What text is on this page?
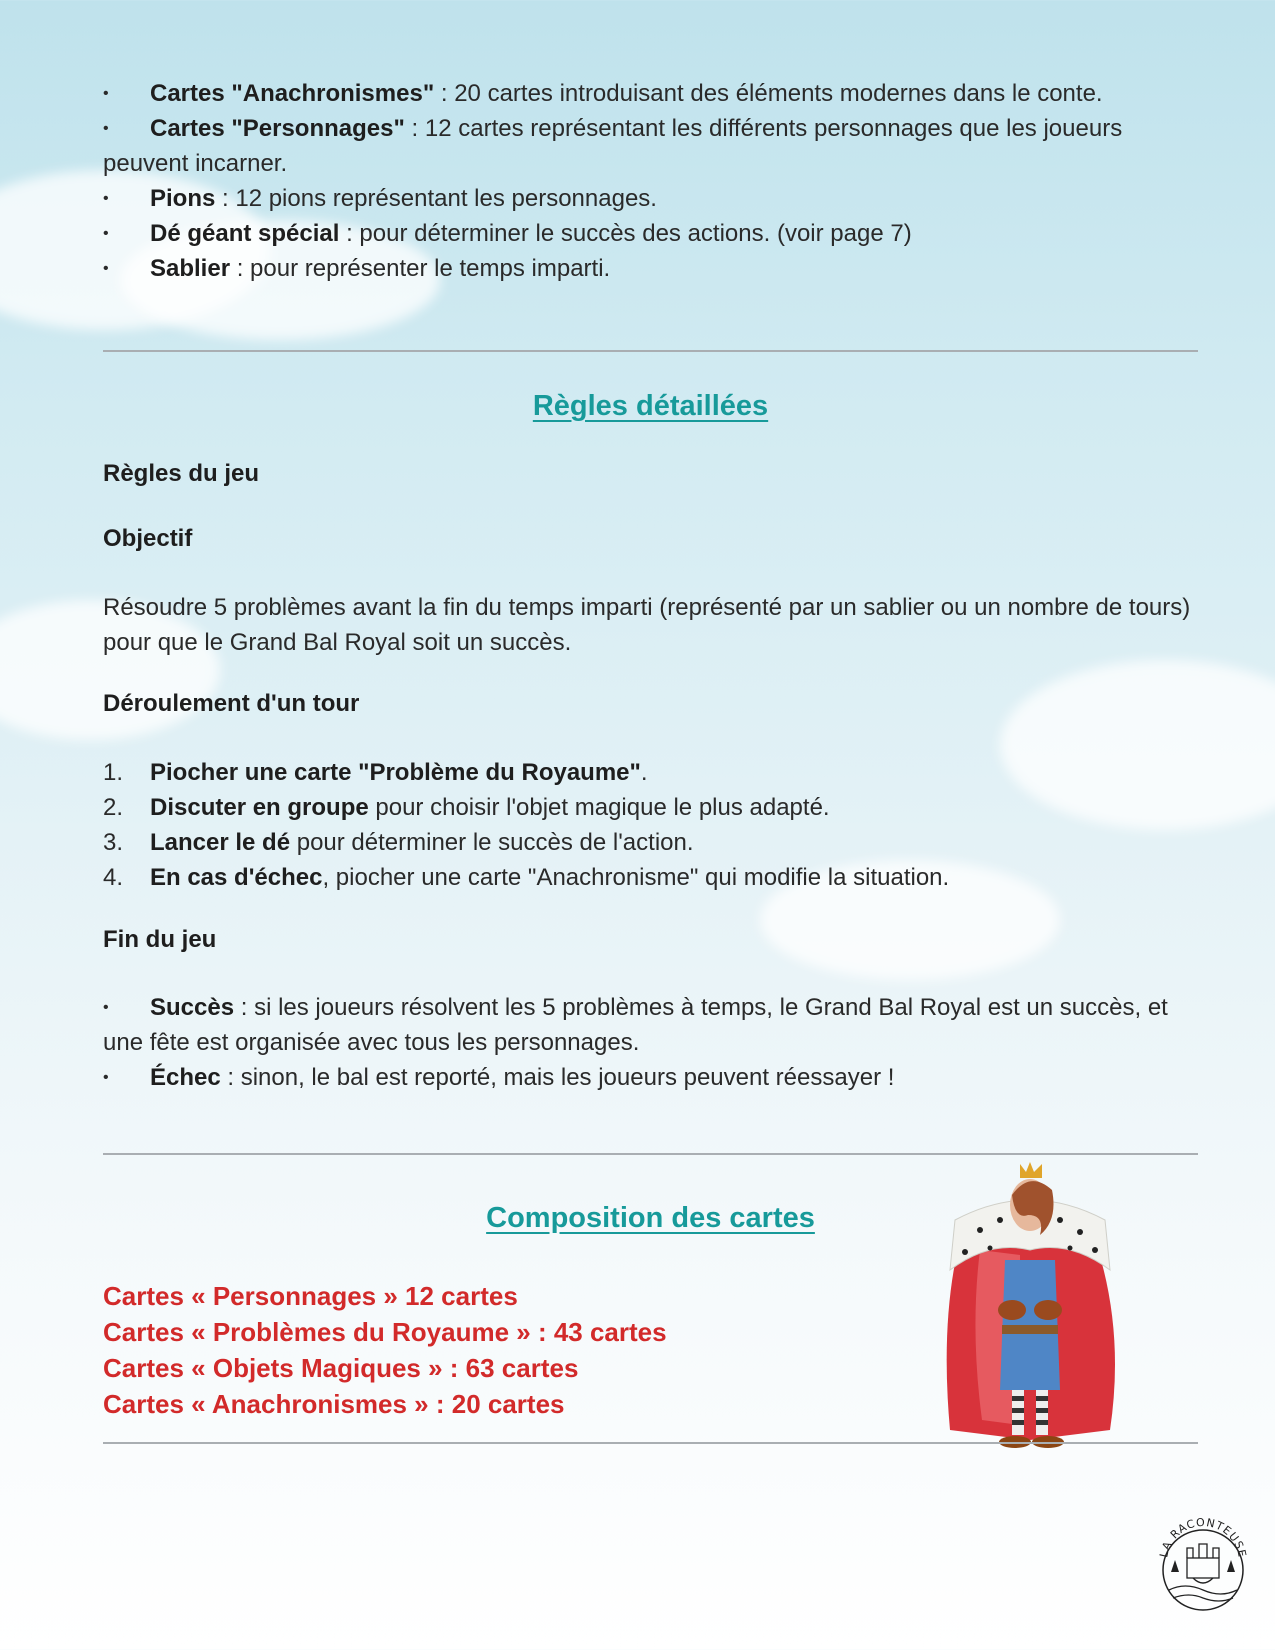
•	Cartes "Anachronismes" : 20 cartes introduisant des éléments modernes dans le conte.
• Cartes "Personnages" : 12 cartes représentant les différents personnages que les joueurs peuvent incarner.
•	Pions : 12 pions représentant les personnages.
•	Dé géant spécial : pour déterminer le succès des actions. (voir page 7)
•	Sablier : pour représenter le temps imparti.
Règles détaillées
Règles du jeu
Objectif
Résoudre 5 problèmes avant la fin du temps imparti (représenté par un sablier ou un nombre de tours) pour que le Grand Bal Royal soit un succès.
Déroulement d'un tour
1. Piocher une carte "Problème du Royaume".
2. Discuter en groupe pour choisir l'objet magique le plus adapté.
3. Lancer le dé pour déterminer le succès de l'action.
4. En cas d'échec, piocher une carte "Anachronisme" qui modifie la situation.
Fin du jeu
• Succès : si les joueurs résolvent les 5 problèmes à temps, le Grand Bal Royal est un succès, et une fête est organisée avec tous les personnages.
•	Échec : sinon, le bal est reporté, mais les joueurs peuvent réessayer !
Composition des cartes
Cartes « Personnages » 12 cartes
Cartes « Problèmes du Royaume » : 43 cartes
Cartes « Objets Magiques » : 63 cartes
Cartes « Anachronismes » : 20 cartes
LA RACONTEUSE
